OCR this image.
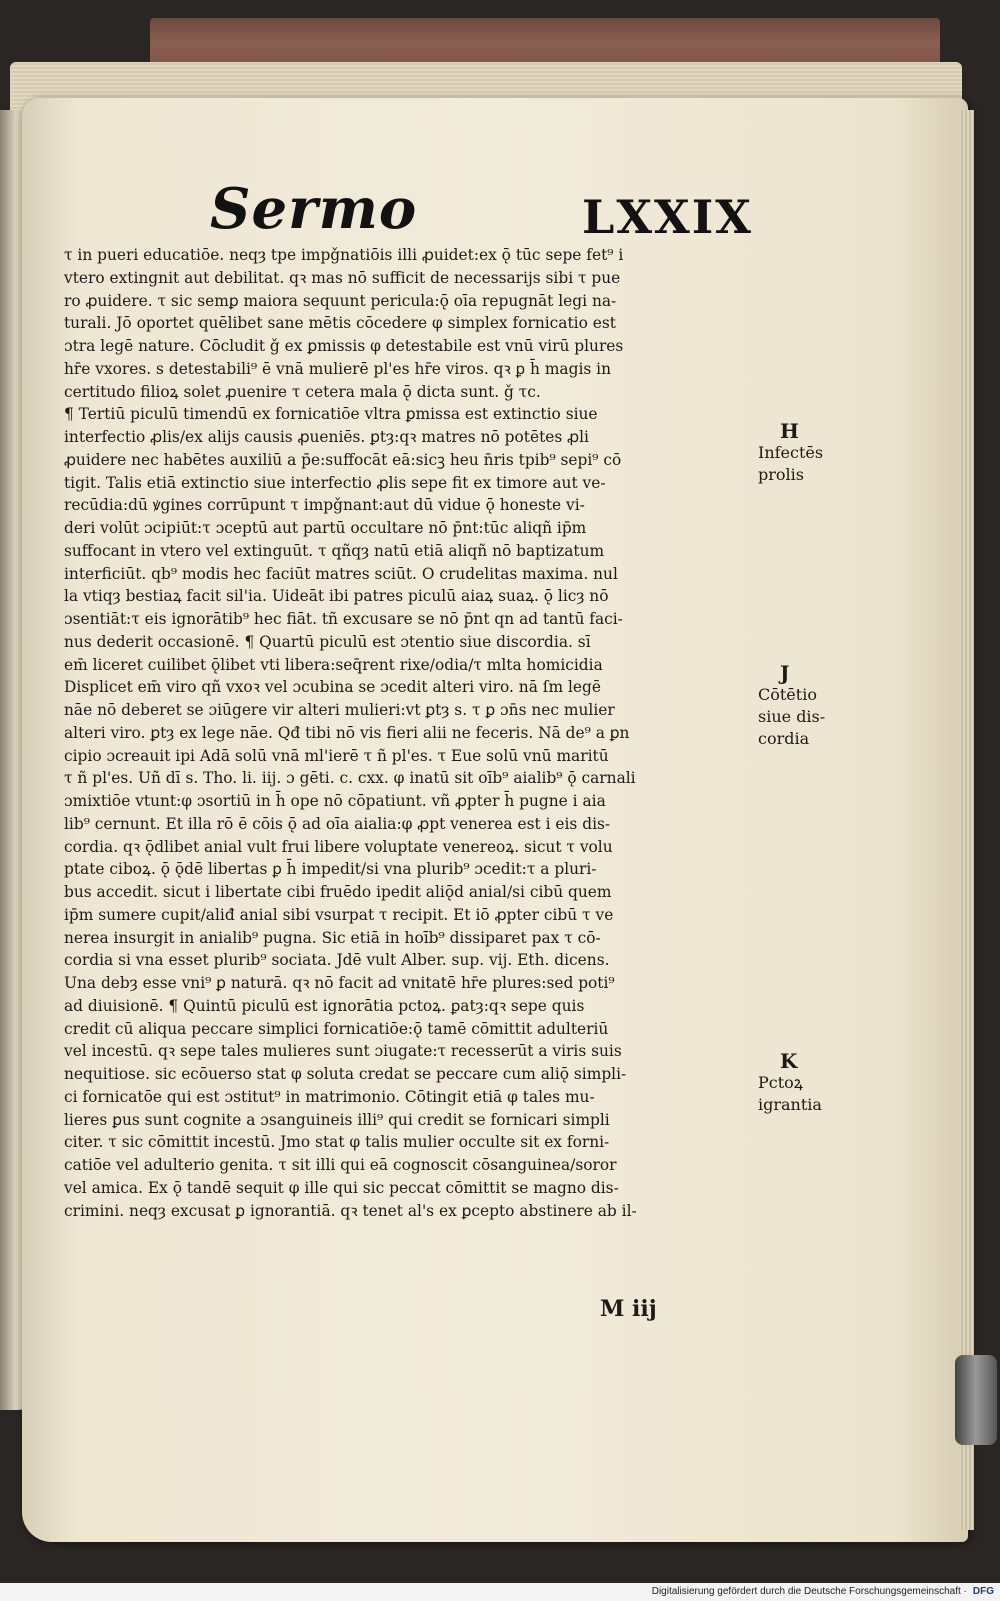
Sermo	LXXIX
τ in pueri educatiōe. neqȝ tpe impǧnatiōis illi ꝓuidet:ex ǭ tūc sepe fet⁹ i
vtero extingnit aut debilitat. qꝛ mas nō sufficit de necessarijs sibi τ pue
ro ꝓuidere. τ sic semꝑ maiora sequunt pericula:ǭ oīa repugnāt legi na‑
turali. Jō oportet quēlibet sane mētis cōcedere φ simplex fornicatio est
ɔtra legē nature. Cōcludit ǧ ex ꝑmissis φ detestabile est vnū virū plures
hr̄e vxores. s detestabili⁹ ē vnā mulierē pl'es hr̄e viros. qꝛ ꝑ h̄ magis in
certitudo filioꝝ solet ꝓuenire τ cetera mala ǭ dicta sunt. ǧ τc.
¶ Tertiū piculū timendū ex fornicatiōe vltra ꝑmissa est extinctio siue
interfectio ꝓlis/ex alijs causis ꝓueniēs. ꝑtȝ:qꝛ matres nō potētes ꝓli
ꝓuidere nec habētes auxiliū a p̄e:suffocāt eā:sicꝫ heu n̄ris tpib⁹ sepi⁹ cō
tigit. Talis etiā extinctio siue interfectio ꝓlis sepe fit ex timore aut ve‑
recūdia:dū ꝟgines corrūpunt τ impǧnant:aut dū vidue ǭ honeste vi‑
deri volūt ɔcipiūt:τ ɔceptū aut partū occultare nō p̄nt:tūc aliqñ ip̄m
suffocant in vtero vel extinguūt. τ qñqȝ natū etiā aliqñ nō baptizatum
interficiūt. qb⁹ modis hec faciūt matres sciūt. O crudelitas maxima. nul
la vtiqȝ bestiaꝝ facit sil'ia. Uideāt ibi patres piculū aiaꝝ suaꝝ. ǭ licȝ nō
ɔsentiāt:τ eis ignorātib⁹ hec fiāt. tñ excusare se nō p̄nt qn ad tantū faci‑
nus dederit occasionē. ¶ Quartū piculū est ɔtentio siue discordia. sī
em̄ liceret cuilibet ǭlibet vti libera:seq̄rent rixe/odia/τ mlta homicidia
Displicet em̄ viro qñ vxoꝛ vel ɔcubina se ɔcedit alteri viro. nā ſm legē
nāe nō deberet se ɔiūgere vir alteri mulieri:vt ꝑtȝ s. τ ꝑ ɔn̄s nec mulier
alteri viro. ꝑtȝ ex lege nāe. Qđ tibi nō vis fieri alii ne feceris. Nā de⁹ a ꝑn
cipio ɔcreauit ipi Adā solū vnā ml'ierē τ ñ pl'es. τ Eue solū vnū maritū
τ ñ pl'es. Uñ dī s. Tho. li. iij. ɔ gēti. c. cxx. φ inatū sit oīb⁹ aialib⁹ ǭ carnali
ɔmixtiōe vtunt:φ ɔsortiū in h̄ ope nō cōpatiunt. vñ ꝓpter h̄ pugne i aia
lib⁹ cernunt. Et illa rō ē cōis ǭ ad oīa aialia:φ ꝓpt venerea est i eis dis‑
cordia. qꝛ ǭdlibet anial vult frui libere voluptate venereoꝝ. sicut τ volu
ptate ciboꝝ. ǭ ǭdē libertas ꝑ h̄ impedit/si vna plurib⁹ ɔcedit:τ a pluri‑
bus accedit. sicut i libertate cibi fruēdo ipedit aliǭd anial/si cibū quem
ip̄m sumere cupit/aliđ anial sibi vsurpat τ recipit. Et iō ꝓpter cibū τ ve
nerea insurgit in anialib⁹ pugna. Sic etiā in hoīb⁹ dissiparet pax τ cō‑
cordia si vna esset plurib⁹ sociata. Jdē vult Alber. sup. vij. Eth. dicens.
Una debȝ esse vni⁹ ꝑ naturā. qꝛ nō facit ad vnitatē hr̄e plures:sed poti⁹
ad diuisionē. ¶ Quintū piculū est ignorātia pctoꝝ. ꝑatȝ:qꝛ sepe quis
credit cū aliqua peccare simplici fornicatiōe:ǭ tamē cōmittit adulteriū
vel incestū. qꝛ sepe tales mulieres sunt ɔiugate:τ recesserūt a viris suis
nequitiose. sic ecōuerso stat φ soluta credat se peccare cum aliǭ simpli‑
ci fornicatōe qui est ɔstitut⁹ in matrimonio. Cōtingit etiā φ tales mu‑
lieres ꝑus sunt cognite a ɔsanguineis illi⁹ qui credit se fornicari simpli
citer. τ sic cōmittit incestū. Jmo stat φ talis mulier occulte sit ex forni‑
catiōe vel adulterio genita. τ sit illi qui eā cognoscit cōsanguinea/soror
vel amica. Ex ǭ tandē sequit φ ille qui sic peccat cōmittit se magno dis‑
crimini. neqȝ excusat ꝑ ignorantiā. qꝛ tenet al's ex ꝑcepto abstinere ab il‑
H
Infectēs
prolis
J
Cōtētio
siue dis‑
cordia
K
Pctoꝝ
igrantia
M iij
Digitalisierung gefördert durch die Deutsche Forschungsgemeinschaft · DFG
